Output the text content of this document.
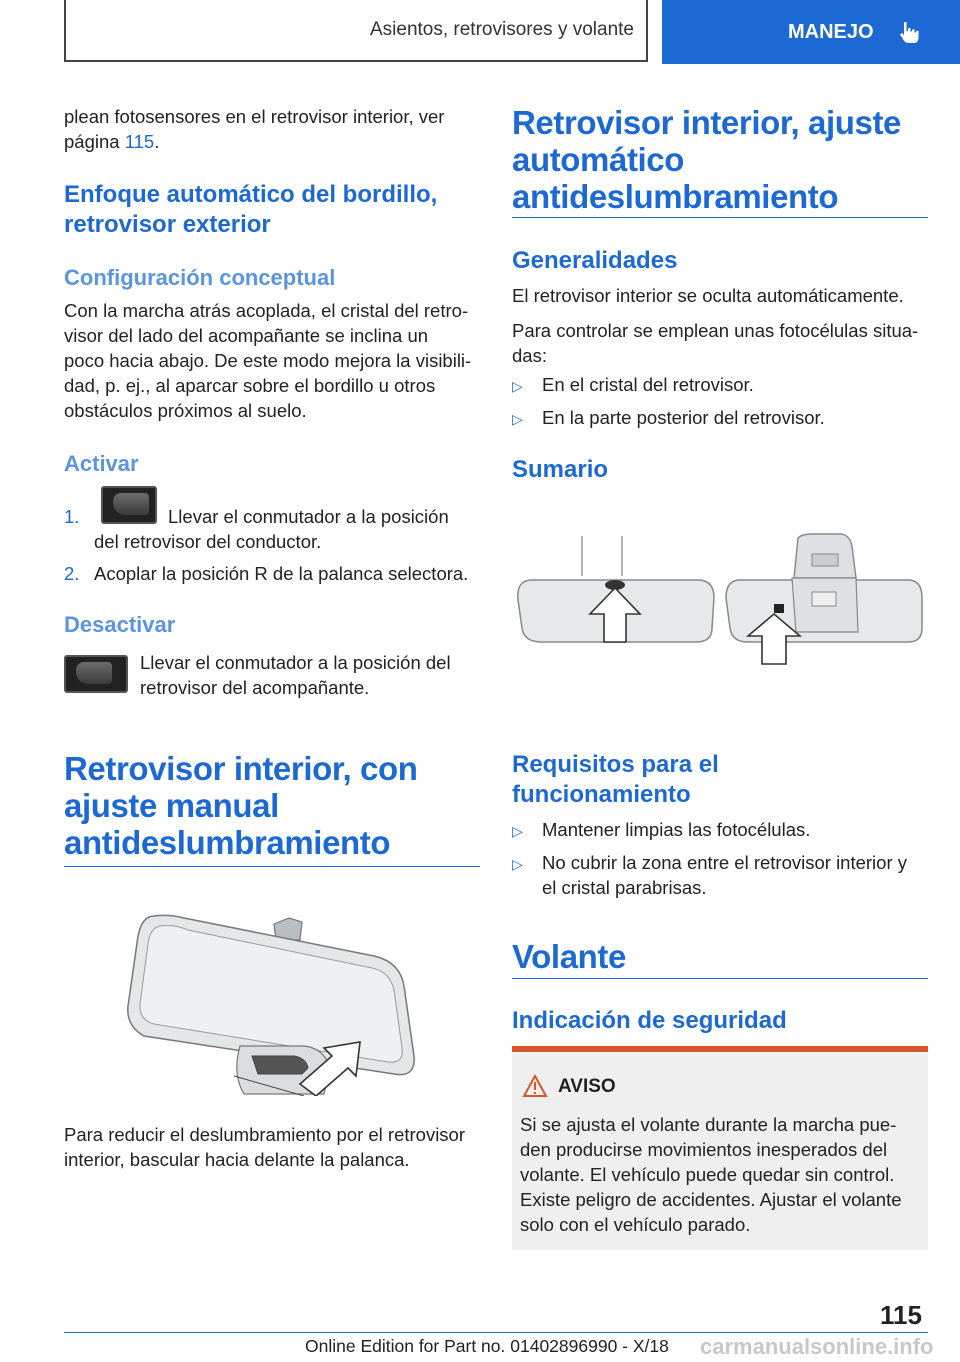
Asientos, retrovisores y volante	MANEJO

plean fotosensores en el retrovisor interior, ver

página 115.

Enfoque automático del bordillo,
retrovisor exterior
Configuración conceptual

Con la marcha atrás acoplada, el cristal del retro-

visor del lado del acompañante se inclina un

poco hacia abajo. De este modo mejora la visibili-

dad, p. ej., al aparcar sobre el bordillo u otros

obstáculos próximos al suelo.

Activar

1.	Llevar el conmutador a la posición

del retrovisor del conductor.

2. Acoplar la posición R de la palanca selectora.

Desactivar

Llevar el conmutador a la posición del

retrovisor del acompañante.

Retrovisor interior, con
ajuste manual
antideslumbramiento

Para reducir el deslumbramiento por el retrovisor

interior, bascular hacia delante la palanca.

Retrovisor interior, ajuste
automático
antideslumbramiento
Generalidades

El retrovisor interior se oculta automáticamente.

Para controlar se emplean unas fotocélulas situa-

das:

▷ En el cristal del retrovisor.

▷ En la parte posterior del retrovisor.

Sumario
Requisitos para el
funcionamiento

▷ Mantener limpias las fotocélulas.

▷ No cubrir la zona entre el retrovisor interior y

el cristal parabrisas.

Volante
Indicación de seguridad
AVISO

Si se ajusta el volante durante la marcha pue-

den producirse movimientos inesperados del

volante. El vehículo puede quedar sin control.

Existe peligro de accidentes. Ajustar el volante

solo con el vehículo parado.

115
Online Edition for Part no. 01402896990 - X/18 carmanualsonline.info
